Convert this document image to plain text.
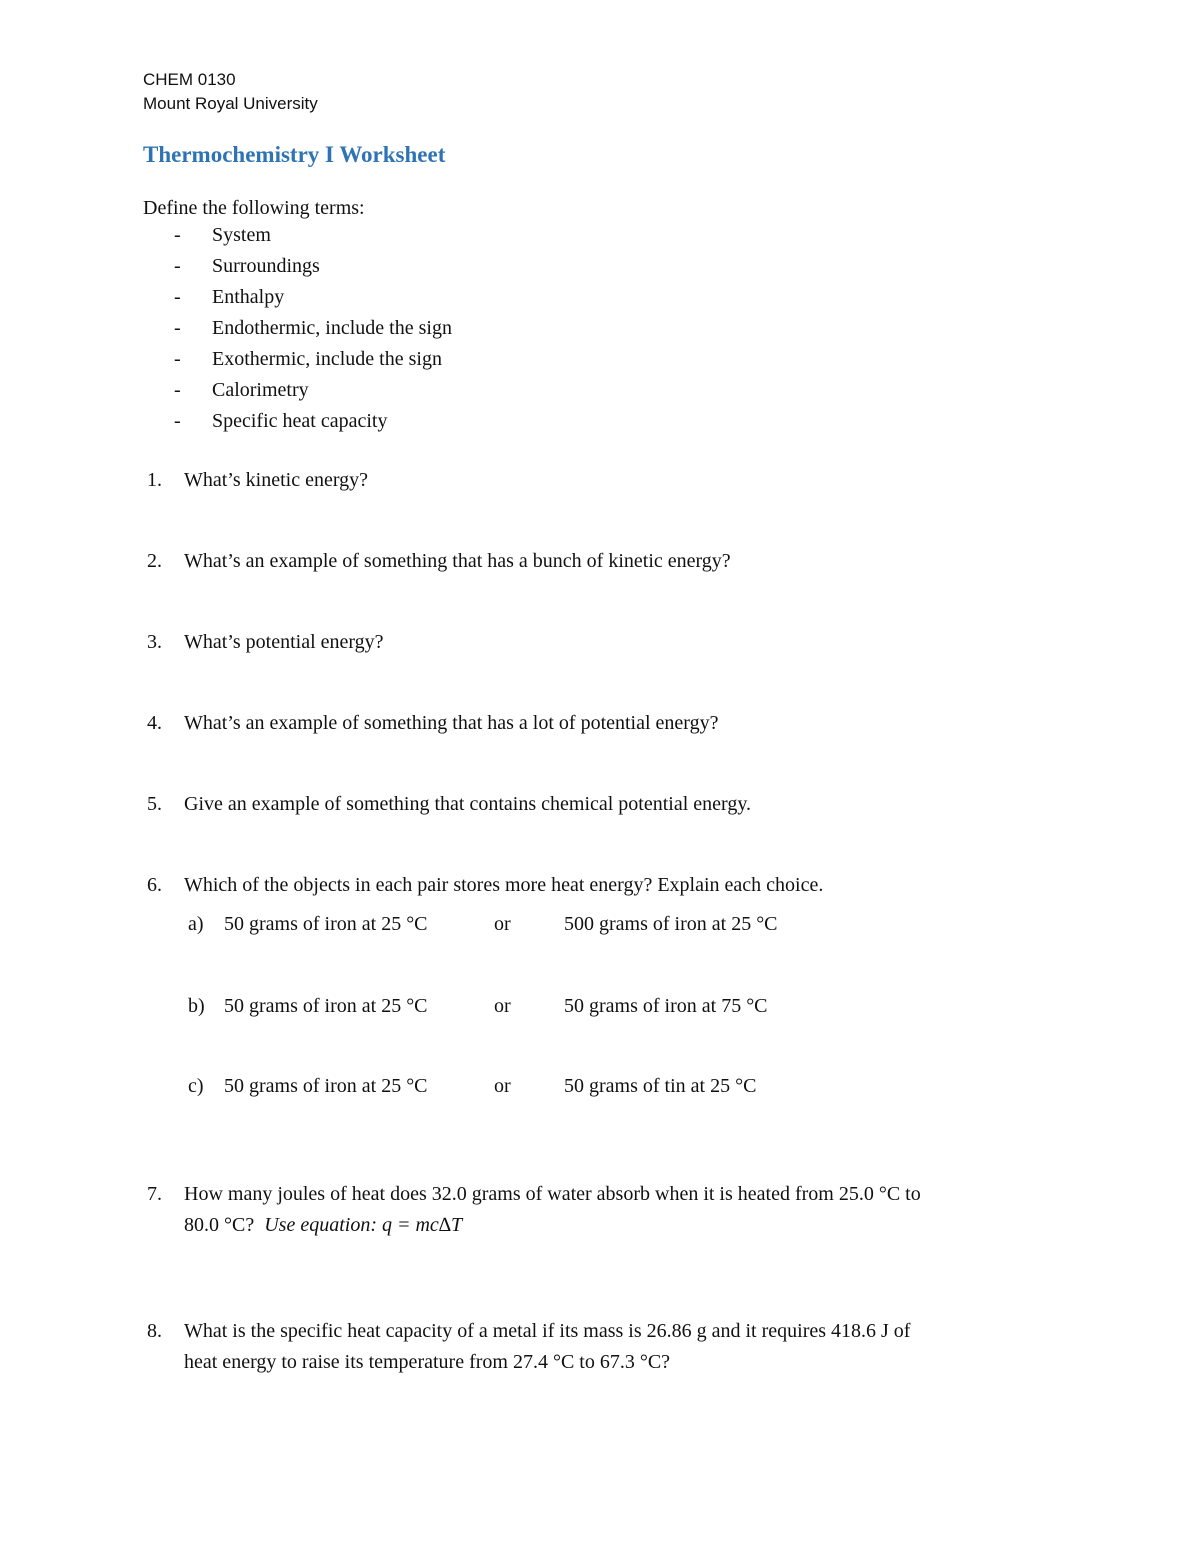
CHEM 0130
Mount Royal University
Thermochemistry I Worksheet
Define the following terms:
- System
- Surroundings
- Enthalpy
- Endothermic, include the sign
- Exothermic, include the sign
- Calorimetry
- Specific heat capacity
1. What’s kinetic energy?
2. What’s an example of something that has a bunch of kinetic energy?
3. What’s potential energy?
4. What’s an example of something that has a lot of potential energy?
5. Give an example of something that contains chemical potential energy.
6. Which of the objects in each pair stores more heat energy? Explain each choice.
a) 50 grams of iron at 25 °C	or	500 grams of iron at 25 °C
b) 50 grams of iron at 25 °C	or	50 grams of iron at 75 °C
c) 50 grams of iron at 25 °C	or	50 grams of tin at 25 °C
7. How many joules of heat does 32.0 grams of water absorb when it is heated from 25.0 °C to
80.0 °C? Use equation: q = mc∆T
8. What is the specific heat capacity of a metal if its mass is 26.86 g and it requires 418.6 J of
heat energy to raise its temperature from 27.4 °C to 67.3 °C?
